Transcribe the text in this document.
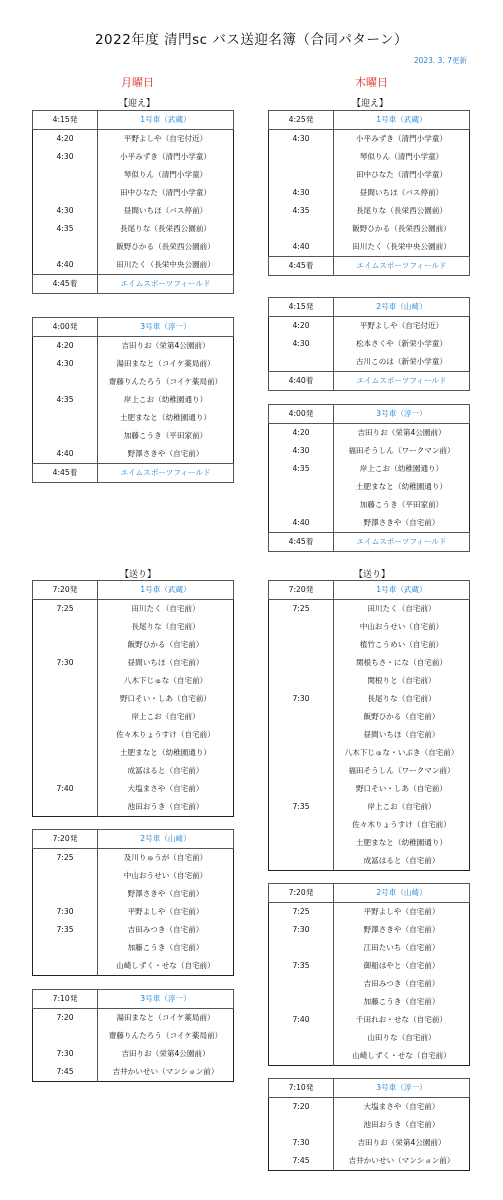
2022年度 清門sc バス送迎名簿（合同パターン）
2023. 3. 7更新
月曜日	木曜日
【迎え】	【迎え】
【送り】	【送り】
4:15発	1号車（武蔵）
4:20	平野よしや（自宅付近）
4:30	小平みずき（清門小学童）
	琴似りん（清門小学童）
	田中ひなた（清門小学童）
4:30	昼間いちほ（バス停前）
4:35	長尾りな（長栄西公園前）
	飯野ひかる（長栄西公園前）
4:40	田川たく（長栄中央公園前）
4:45着	エイムスポーツフィールド
4:00発	3号車（淳一）
4:20	吉田りお（栄第4公園前）
4:30	湯田まなと（コイケ薬局前）
	齋藤りんたろう（コイケ薬局前）
4:35	岸上こお（幼稚園通り）
	土肥まなと（幼稚園通り）
	加藤こうき（平田家前）
4:40	野澤さきや（自宅前）
4:45着	エイムスポーツフィールド
4:25発	1号車（武蔵）
4:30	小平みずき（清門小学童）
	琴似りん（清門小学童）
	田中ひなた（清門小学童）
4:30	昼間いちほ（バス停前）
4:35	長尾りな（長栄西公園前）
	飯野ひかる（長栄西公園前）
4:40	田川たく（長栄中央公園前）
4:45着	エイムスポーツフィールド
4:15発	2号車（山崎）
4:20	平野よしや（自宅付近）
4:30	松本さくや（新栄小学童）
	古川このは（新栄小学童）
4:40着	エイムスポーツフィールド
4:00発	3号車（淳一）
4:20	吉田りお（栄第4公園前）
4:30	福田そうしん（ワークマン前）
4:35	岸上こお（幼稚園通り）
	土肥まなと（幼稚園通り）
	加藤こうき（平田家前）
4:40	野澤さきや（自宅前）
4:45着	エイムスポーツフィールド
7:20発	1号車（武蔵）
7:25	田川たく（自宅前）
	長尾りな（自宅前）
	飯野ひかる（自宅前）
7:30	昼間いちほ（自宅前）
	八木下じゅな（自宅前）
	野口そい・しあ（自宅前）
	岸上こお（自宅前）
	佐々木りょうすけ（自宅前）
	土肥まなと（幼稚園通り）
	成冨はると（自宅前）
7:40	大塩まさや（自宅前）
	池田おうき（自宅前）
7:20発	2号車（山崎）
7:25	及川りゅうが（自宅前）
	中山おうせい（自宅前）
	野澤さきや（自宅前）
7:30	平野よしや（自宅前）
7:35	吉田みつき（自宅前）
	加藤こうき（自宅前）
	山崎しずく・せな（自宅前）
7:10発	3号車（淳一）
7:20	湯田まなと（コイケ薬局前）
	齋藤りんたろう（コイケ薬局前）
7:30	吉田りお（栄第4公園前）
7:45	吉井かいせい（マンション前）
7:20発	1号車（武蔵）
7:25	田川たく（自宅前）
	中山おうせい（自宅前）
	植竹こうめい（自宅前）
	関根ちさ・にな（自宅前）
	関根りと（自宅前）
7:30	長尾りな（自宅前）
	飯野ひかる（自宅前）
	昼間いちほ（自宅前）
	八木下じゅな・いぶき（自宅前）
	福田そうしん（ワークマン前）
	野口そい・しあ（自宅前）
7:35	岸上こお（自宅前）
	佐々木りょうすけ（自宅前）
	土肥まなと（幼稚園通り）
	成冨はると（自宅前）
7:20発	2号車（山崎）
7:25	平野よしや（自宅前）
7:30	野澤さきや（自宅前）
	江田たいち（自宅前）
7:35	御船はやと（自宅前）
	吉田みつき（自宅前）
	加藤こうき（自宅前）
7:40	千田れお・せな（自宅前）
	山田りな（自宅前）
	山崎しずく・せな（自宅前）
7:10発	3号車（淳一）
7:20	大塩まさや（自宅前）
	池田おうき（自宅前）
7:30	吉田りお（栄第4公園前）
7:45	吉井かいせい（マンション前）
